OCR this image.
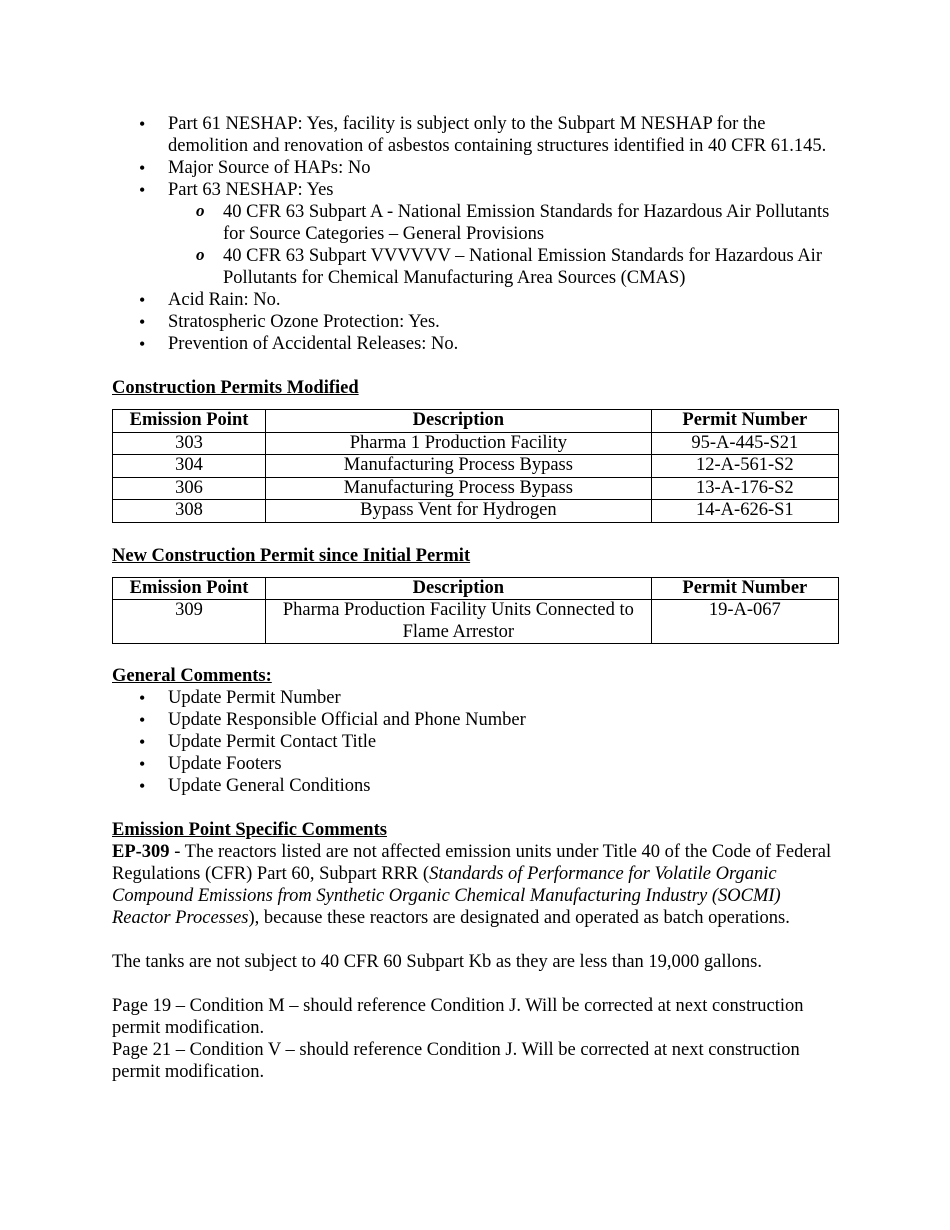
• Part 61 NESHAP: Yes, facility is subject only to the Subpart M NESHAP for the demolition and renovation of asbestos containing structures identified in 40 CFR 61.145.
• Major Source of HAPs: No
• Part 63 NESHAP: Yes
o 40 CFR 63 Subpart A - National Emission Standards for Hazardous Air Pollutants for Source Categories – General Provisions
o 40 CFR 63 Subpart VVVVVV – National Emission Standards for Hazardous Air Pollutants for Chemical Manufacturing Area Sources (CMAS)
• Acid Rain: No.
• Stratospheric Ozone Protection: Yes.
• Prevention of Accidental Releases: No.
Construction Permits Modified
Emission Point	Description	Permit Number
303	Pharma 1 Production Facility	95-A-445-S21
304	Manufacturing Process Bypass	12-A-561-S2
306	Manufacturing Process Bypass	13-A-176-S2
308	Bypass Vent for Hydrogen	14-A-626-S1
New Construction Permit since Initial Permit
Emission Point	Description	Permit Number
309	Pharma Production Facility Units Connected to Flame Arrestor	19-A-067
General Comments:
• Update Permit Number
• Update Responsible Official and Phone Number
• Update Permit Contact Title
• Update Footers
• Update General Conditions
Emission Point Specific Comments

EP-309 - The reactors listed are not affected emission units under Title 40 of the Code of Federal Regulations (CFR) Part 60, Subpart RRR (Standards of Performance for Volatile Organic Compound Emissions from Synthetic Organic Chemical Manufacturing Industry (SOCMI) Reactor Processes), because these reactors are designated and operated as batch operations.

The tanks are not subject to 40 CFR 60 Subpart Kb as they are less than 19,000 gallons.

Page 19 – Condition M – should reference Condition J. Will be corrected at next construction permit modification.

Page 21 – Condition V – should reference Condition J. Will be corrected at next construction permit modification.
